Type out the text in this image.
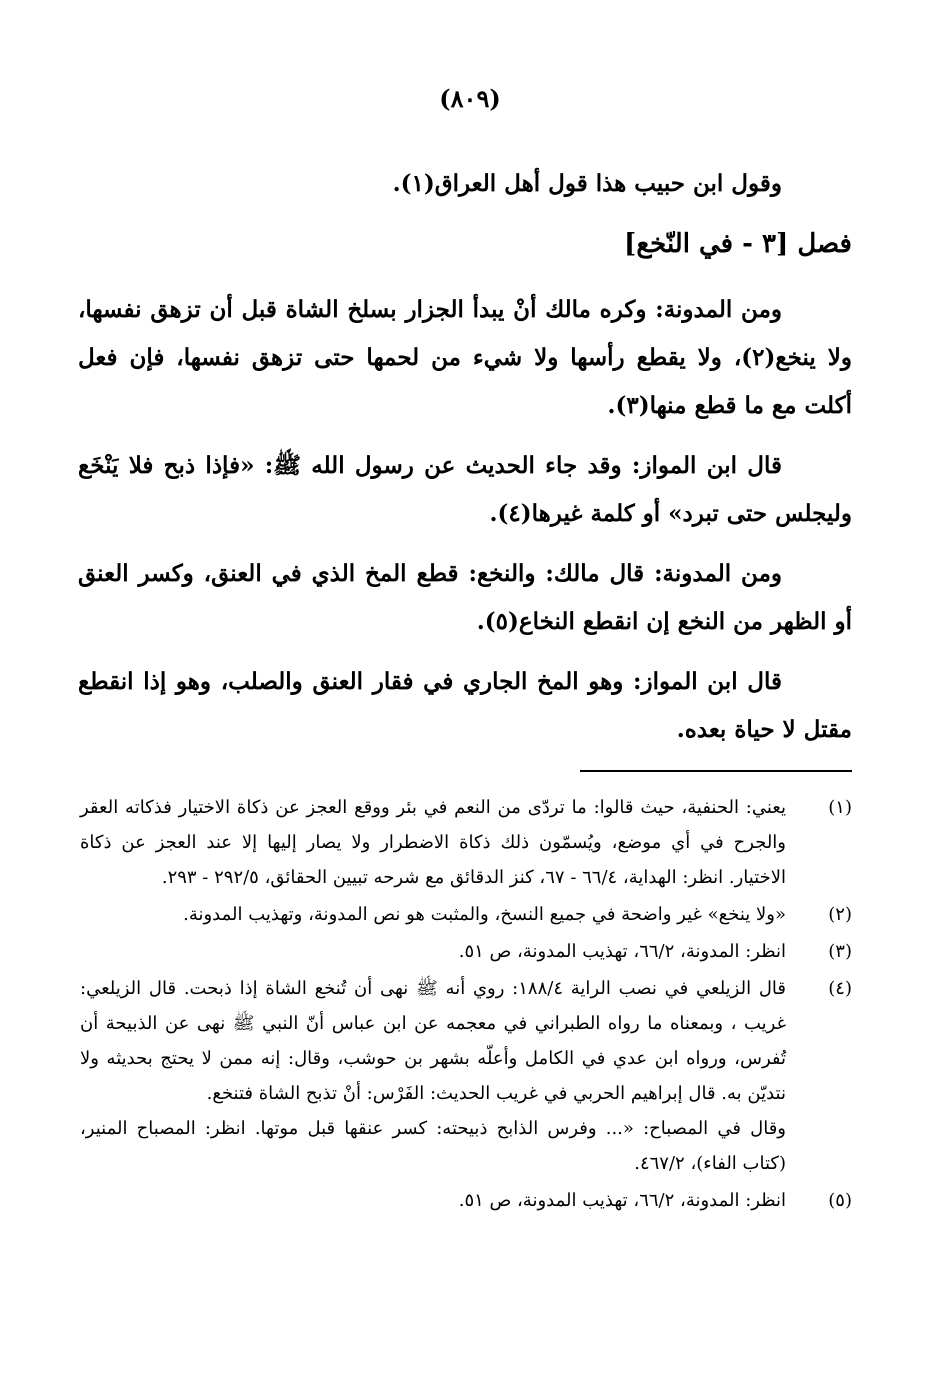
(٨٠٩)

وقول ابن حبيب هذا قول أهل العراق(١).

فصل [٣ - في النّخع]

ومن المدونة: وكره مالك أنْ يبدأ الجزار بسلخ الشاة قبل أن تزهق نفسها، ولا ينخع(٢)، ولا يقطع رأسها ولا شيء من لحمها حتى تزهق نفسها، فإن فعل أكلت مع ما قطع منها(٣).

قال ابن المواز: وقد جاء الحديث عن رسول الله ﷺ: «فإذا ذبح فلا يَنْخَع وليجلس حتى تبرد» أو كلمة غيرها(٤).

ومن المدونة: قال مالك: والنخع: قطع المخ الذي في العنق، وكسر العنق أو الظهر من النخع إن انقطع النخاع(٥).

قال ابن المواز: وهو المخ الجاري في فقار العنق والصلب، وهو إذا انقطع مقتل لا حياة بعده.

(١)

يعني: الحنفية، حيث قالوا: ما تردّى من النعم في بئر ووقع العجز عن ذكاة الاختيار فذكاته العقر والجرح في أي موضع، ويُسمّون ذلك ذكاة الاضطرار ولا يصار إليها إلا عند العجز عن ذكاة الاختيار. انظر: الهداية، ٦٦/٤ - ٦٧، كنز الدقائق مع شرحه تبيين الحقائق، ٢٩٢/٥ - ٢٩٣.

(٢)

«ولا ينخع» غير واضحة في جميع النسخ، والمثبت هو نص المدونة، وتهذيب المدونة.

(٣)

انظر: المدونة، ٦٦/٢، تهذيب المدونة، ص ٥١.

(٤)

قال الزيلعي في نصب الراية ١٨٨/٤: روي أنه ﷺ نهى أن تُنخع الشاة إذا ذبحت. قال الزيلعي: غريب ، وبمعناه ما رواه الطبراني في معجمه عن ابن عباس أنّ النبي ﷺ نهى عن الذبيحة أن تُفرس، ورواه ابن عدي في الكامل وأعلّه بشهر بن حوشب، وقال: إنه ممن لا يحتج بحديثه ولا نتديّن به. قال إبراهيم الحربي في غريب الحديث: الفَرْس: أنْ تذبح الشاة فتنخع.

وقال في المصباح: «... وفرس الذابح ذبيحته: كسر عنقها قبل موتها. انظر: المصباح المنير، (كتاب الفاء)، ٤٦٧/٢.

(٥)

انظر: المدونة، ٦٦/٢، تهذيب المدونة، ص ٥١.
